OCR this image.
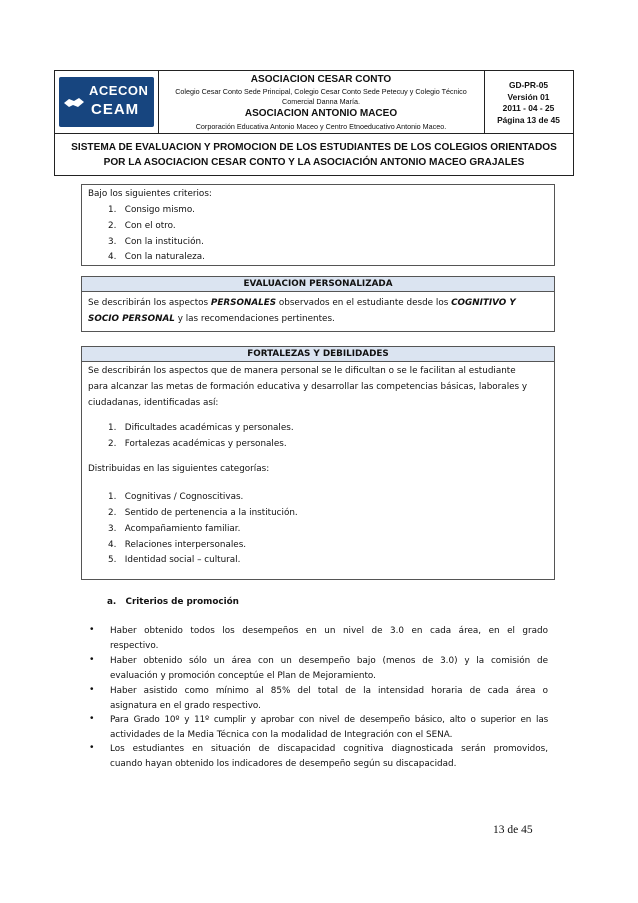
ACECON
CEAM
ASOCIACION CESAR CONTO
Colegio Cesar Conto Sede Principal, Colegio Cesar Conto Sede Petecuy y Colegio Técnico Comercial Danna María.
ASOCIACION ANTONIO MACEO
Corporación Educativa Antonio Maceo y Centro Etnoeducativo Antonio Maceo.
GD-PR-05
Versión 01
2011 - 04 - 25
Página 13 de 45
SISTEMA DE EVALUACION Y PROMOCION DE LOS ESTUDIANTES DE LOS COLEGIOS ORIENTADOS
POR LA ASOCIACION CESAR CONTO Y LA ASOCIACIÓN ANTONIO MACEO GRAJALES
Bajo los siguientes criterios:
1.   Consigo mismo.
2.   Con el otro.
3.   Con la institución.
4.   Con la naturaleza.
EVALUACION PERSONALIZADA
Se describirán los aspectos PERSONALES observados en el estudiante desde los COGNITIVO Y
SOCIO PERSONAL y las recomendaciones pertinentes.
FORTALEZAS Y DEBILIDADES
Se describirán los aspectos que de manera personal se le dificultan o se le facilitan al estudiante
para alcanzar las metas de formación educativa y desarrollar las competencias básicas, laborales y
ciudadanas, identificadas así:
1.   Dificultades académicas y personales.
2.   Fortalezas académicas y personales.
Distribuidas en las siguientes categorías:
1.   Cognitivas / Cognoscitivas.
2.   Sentido de pertenencia a la institución.
3.   Acompañamiento familiar.
4.   Relaciones interpersonales.
5.   Identidad social – cultural.
a. Criterios de promoción
• Haber obtenido todos los desempeños en un nivel de 3.0 en cada área, en el grado
respectivo.
• Haber obtenido sólo un área con un desempeño bajo (menos de 3.0) y la comisión de
evaluación y promoción conceptúe el Plan de Mejoramiento.
• Haber asistido como mínimo al 85% del total de la intensidad horaria de cada área o
asignatura en el grado respectivo.
• Para Grado 10º y 11º cumplir y aprobar con nivel de desempeño básico, alto o superior en las
actividades de la Media Técnica con la modalidad de Integración con el SENA.
• Los estudiantes en situación de discapacidad cognitiva diagnosticada serán promovidos,
cuando hayan obtenido los indicadores de desempeño según su discapacidad.
13 de 45
